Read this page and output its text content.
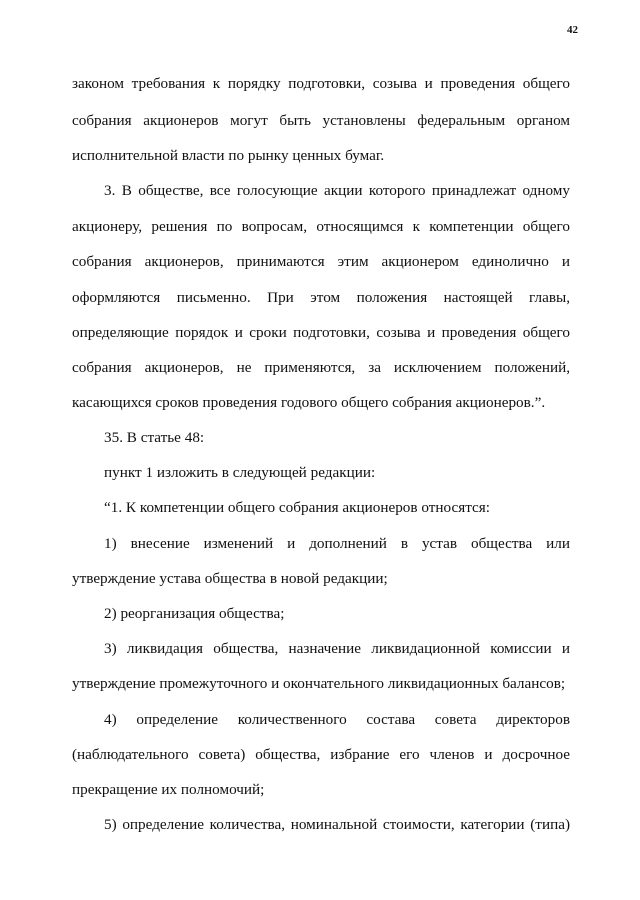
42
законом требования к порядку подготовки, созыва и проведения общего
собрания акционеров могут быть установлены федеральным органом
исполнительной власти по рынку ценных бумаг.
3. В обществе, все голосующие акции которого принадлежат одному
акционеру, решения по вопросам, относящимся к компетенции общего
собрания акционеров, принимаются этим акционером единолично и
оформляются письменно. При этом положения настоящей главы,
определяющие порядок и сроки подготовки, созыва и проведения общего
собрания акционеров, не применяются, за исключением положений,
касающихся сроков проведения годового общего собрания акционеров.”.
35. В статье 48:
пункт 1 изложить в следующей редакции:
“1. К компетенции общего собрания акционеров относятся:
1) внесение изменений и дополнений в устав общества или
утверждение устава общества в новой редакции;
2) реорганизация общества;
3) ликвидация общества, назначение ликвидационной комиссии и
утверждение промежуточного и окончательного ликвидационных балансов;
4) определение количественного состава совета директоров
(наблюдательного совета) общества, избрание его членов и досрочное
прекращение их полномочий;
5) определение количества, номинальной стоимости, категории (типа)
